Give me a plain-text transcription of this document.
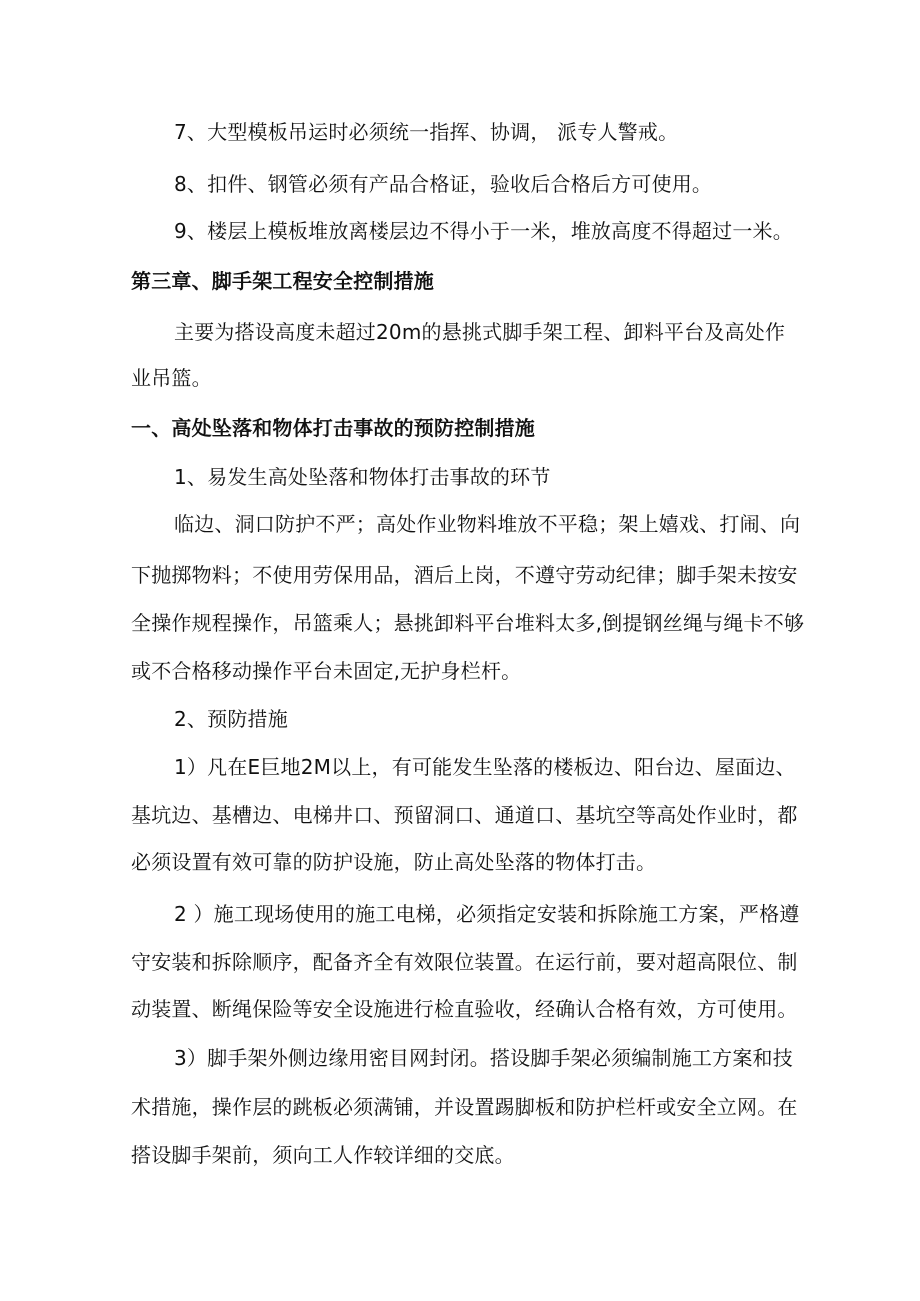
7、大型模板吊运时必须统一指挥、协调， 派专人警戒。
8、扣件、钢管必须有产品合格证，验收后合格后方可使用。
9、楼层上模板堆放离楼层边不得小于一米，堆放高度不得超过一米。
第三章、脚手架工程安全控制措施
主要为搭设高度未超过20m的悬挑式脚手架工程、卸料平台及高处作
业吊篮。
一、高处坠落和物体打击事故的预防控制措施
1、易发生高处坠落和物体打击事故的环节
临边、洞口防护不严；高处作业物料堆放不平稳；架上嬉戏、打闹、向
下抛掷物料；不使用劳保用品，酒后上岗，不遵守劳动纪律；脚手架未按安
全操作规程操作，吊篮乘人；悬挑卸料平台堆料太多,倒提钢丝绳与绳卡不够
或不合格移动操作平台未固定,无护身栏杆。
2、预防措施
1）凡在E巨地2M以上，有可能发生坠落的楼板边、阳台边、屋面边、
基坑边、基槽边、电梯井口、预留洞口、通道口、基坑空等高处作业时，都
必须设置有效可靠的防护设施，防止高处坠落的物体打击。
2 ）施工现场使用的施工电梯，必须指定安装和拆除施工方案，严格遵
守安装和拆除顺序，配备齐全有效限位装置。在运行前，要对超高限位、制
动装置、断绳保险等安全设施进行检直验收，经确认合格有效，方可使用。
3）脚手架外侧边缘用密目网封闭。搭设脚手架必须编制施工方案和技
术措施，操作层的跳板必须满铺，并设置踢脚板和防护栏杆或安全立网。在
搭设脚手架前，须向工人作较详细的交底。
